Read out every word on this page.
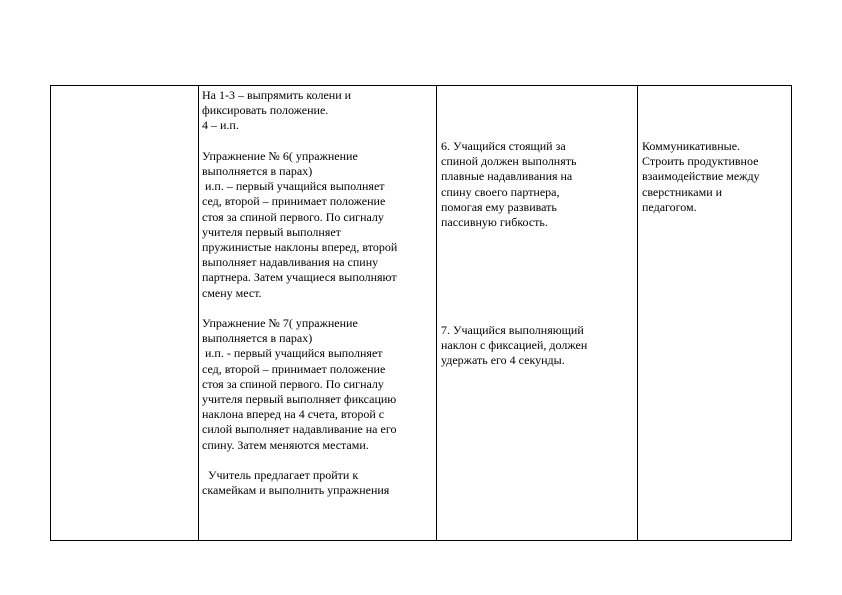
На 1-3 – выпрямить колени и
фиксировать положение.
4 – и.п.
Упражнение № 6( упражнение
выполняется в парах)
и.п. – первый учащийся выполняет
сед, второй – принимает положение
стоя за спиной первого. По сигналу
учителя первый выполняет
пружинистые наклоны вперед, второй
выполняет надавливания на спину
партнера. Затем учащиеся выполняют
смену мест.
Упражнение № 7( упражнение
выполняется в парах)
и.п. - первый учащийся выполняет
сед, второй – принимает положение
стоя за спиной первого. По сигналу
учителя первый выполняет фиксацию
наклона вперед на 4 счета, второй с
силой выполняет надавливание на его
спину. Затем меняются местами.
Учитель предлагает пройти к
скамейкам и выполнить упражнения
6. Учащийся стоящий за
спиной должен выполнять
плавные надавливания на
спину своего партнера,
помогая ему развивать
пассивную гибкость.
7. Учащийся выполняющий
наклон с фиксацией, должен
удержать его 4 секунды.
Коммуникативные.
Строить продуктивное
взаимодействие между
сверстниками и
педагогом.
